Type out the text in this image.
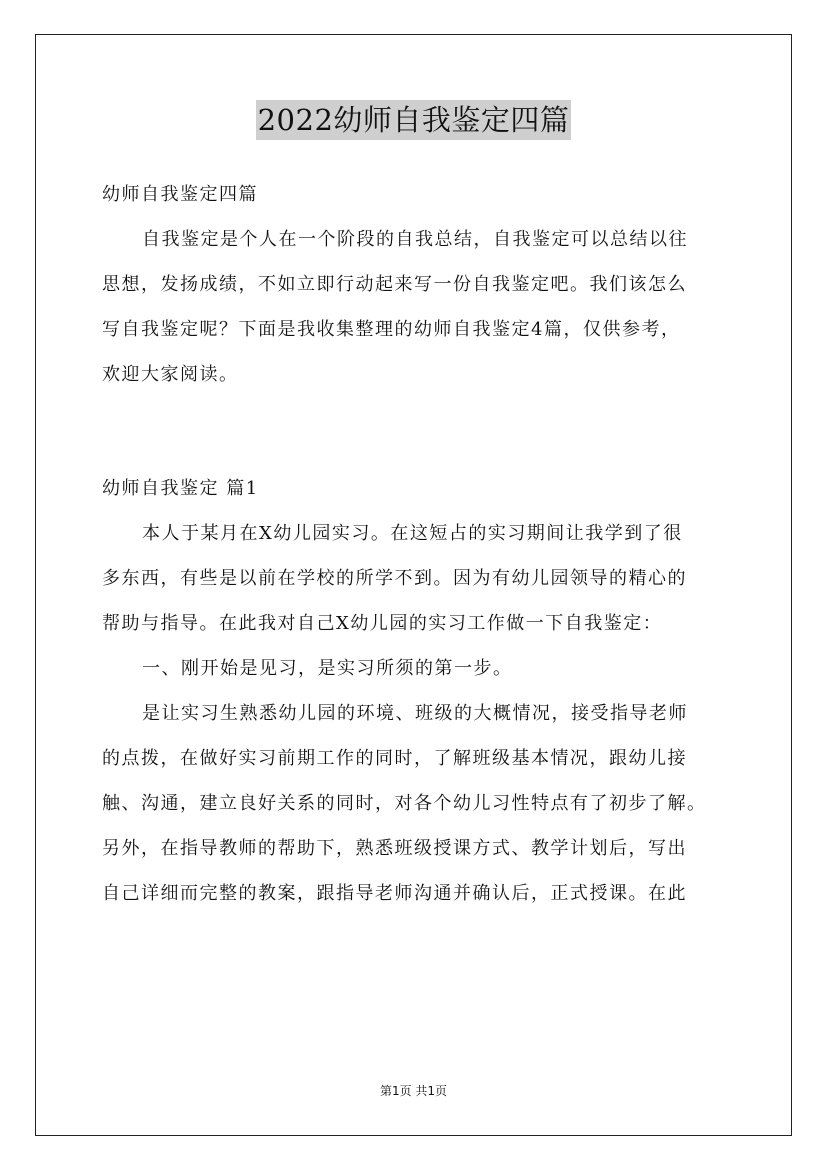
2022幼师自我鉴定四篇
幼师自我鉴定四篇
自我鉴定是个人在一个阶段的自我总结，自我鉴定可以总结以往
思想，发扬成绩，不如立即行动起来写一份自我鉴定吧。我们该怎么
写自我鉴定呢？下面是我收集整理的幼师自我鉴定4篇，仅供参考，
欢迎大家阅读。
幼师自我鉴定 篇1
本人于某月在X幼儿园实习。在这短占的实习期间让我学到了很
多东西，有些是以前在学校的所学不到。因为有幼儿园领导的精心的
帮助与指导。在此我对自己X幼儿园的实习工作做一下自我鉴定：
一、刚开始是见习，是实习所须的第一步。
是让实习生熟悉幼儿园的环境、班级的大概情况，接受指导老师
的点拨，在做好实习前期工作的同时，了解班级基本情况，跟幼儿接
触、沟通，建立良好关系的同时，对各个幼儿习性特点有了初步了解。
另外，在指导教师的帮助下，熟悉班级授课方式、教学计划后，写出
自己详细而完整的教案，跟指导老师沟通并确认后，正式授课。在此
第1页 共1页
